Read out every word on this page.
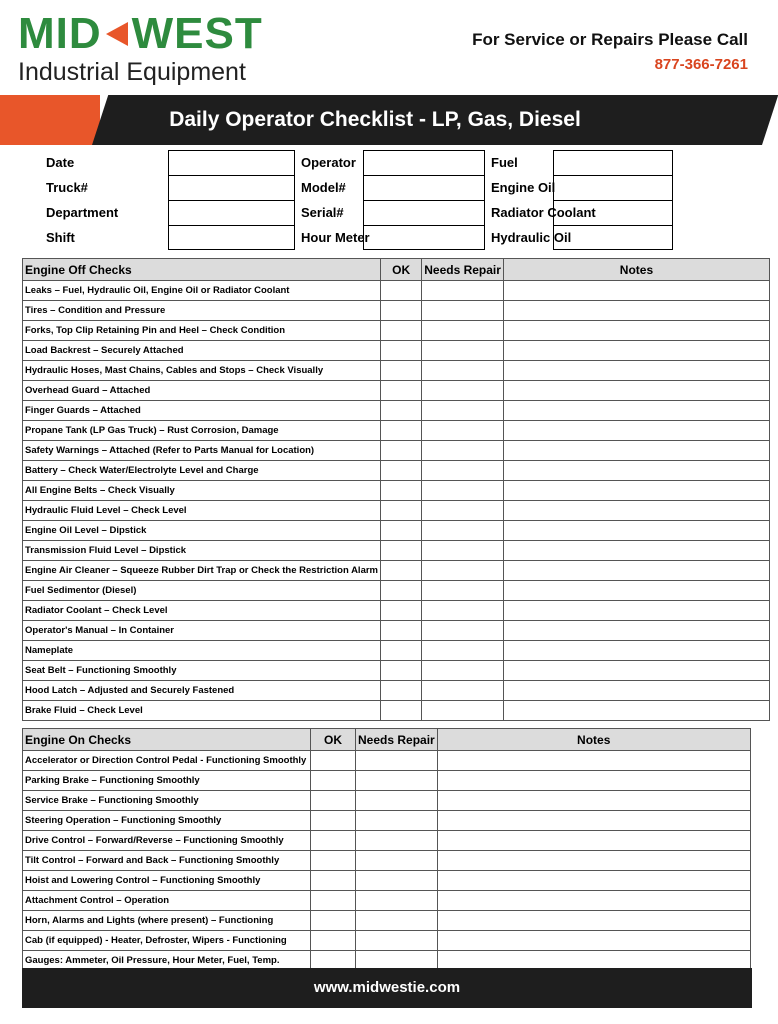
MID WEST
Industrial Equipment
For Service or Repairs Please Call
877-366-7261
Daily Operator Checklist - LP, Gas, Diesel
Date	Operator	Fuel
Truck#	Model#	Engine Oil
Department	Serial#	Radiator Coolant
Shift	Hour Meter	Hydraulic Oil
Engine Off Checks	OK	Needs Repair	Notes
Leaks – Fuel, Hydraulic Oil, Engine Oil or Radiator Coolant			
Tires – Condition and Pressure			
Forks, Top Clip Retaining Pin and Heel – Check Condition			
Load Backrest – Securely Attached			
Hydraulic Hoses, Mast Chains, Cables and Stops – Check Visually			
Overhead Guard – Attached			
Finger Guards – Attached			
Propane Tank (LP Gas Truck) – Rust Corrosion, Damage			
Safety Warnings – Attached (Refer to Parts Manual for Location)			
Battery – Check Water/Electrolyte Level and Charge			
All Engine Belts – Check Visually			
Hydraulic Fluid Level – Check Level			
Engine Oil Level – Dipstick			
Transmission Fluid Level – Dipstick			
Engine Air Cleaner – Squeeze Rubber Dirt Trap or Check the Restriction Alarm			
Fuel Sedimentor (Diesel)			
Radiator Coolant – Check Level			
Operator's Manual – In Container			
Nameplate			
Seat Belt – Functioning Smoothly			
Hood Latch – Adjusted and Securely Fastened			
Brake Fluid – Check Level			
Engine On Checks	OK	Needs Repair	Notes
Accelerator or Direction Control Pedal - Functioning Smoothly			
Parking Brake – Functioning Smoothly			
Service Brake – Functioning Smoothly			
Steering Operation – Functioning Smoothly			
Drive Control – Forward/Reverse – Functioning Smoothly			
Tilt Control – Forward and Back – Functioning Smoothly			
Hoist and Lowering Control – Functioning Smoothly			
Attachment Control – Operation			
Horn, Alarms and Lights (where present) – Functioning			
Cab (if equipped) - Heater, Defroster, Wipers - Functioning			
Gauges: Ammeter, Oil Pressure, Hour Meter, Fuel, Temp.			
www.midwestie.com
